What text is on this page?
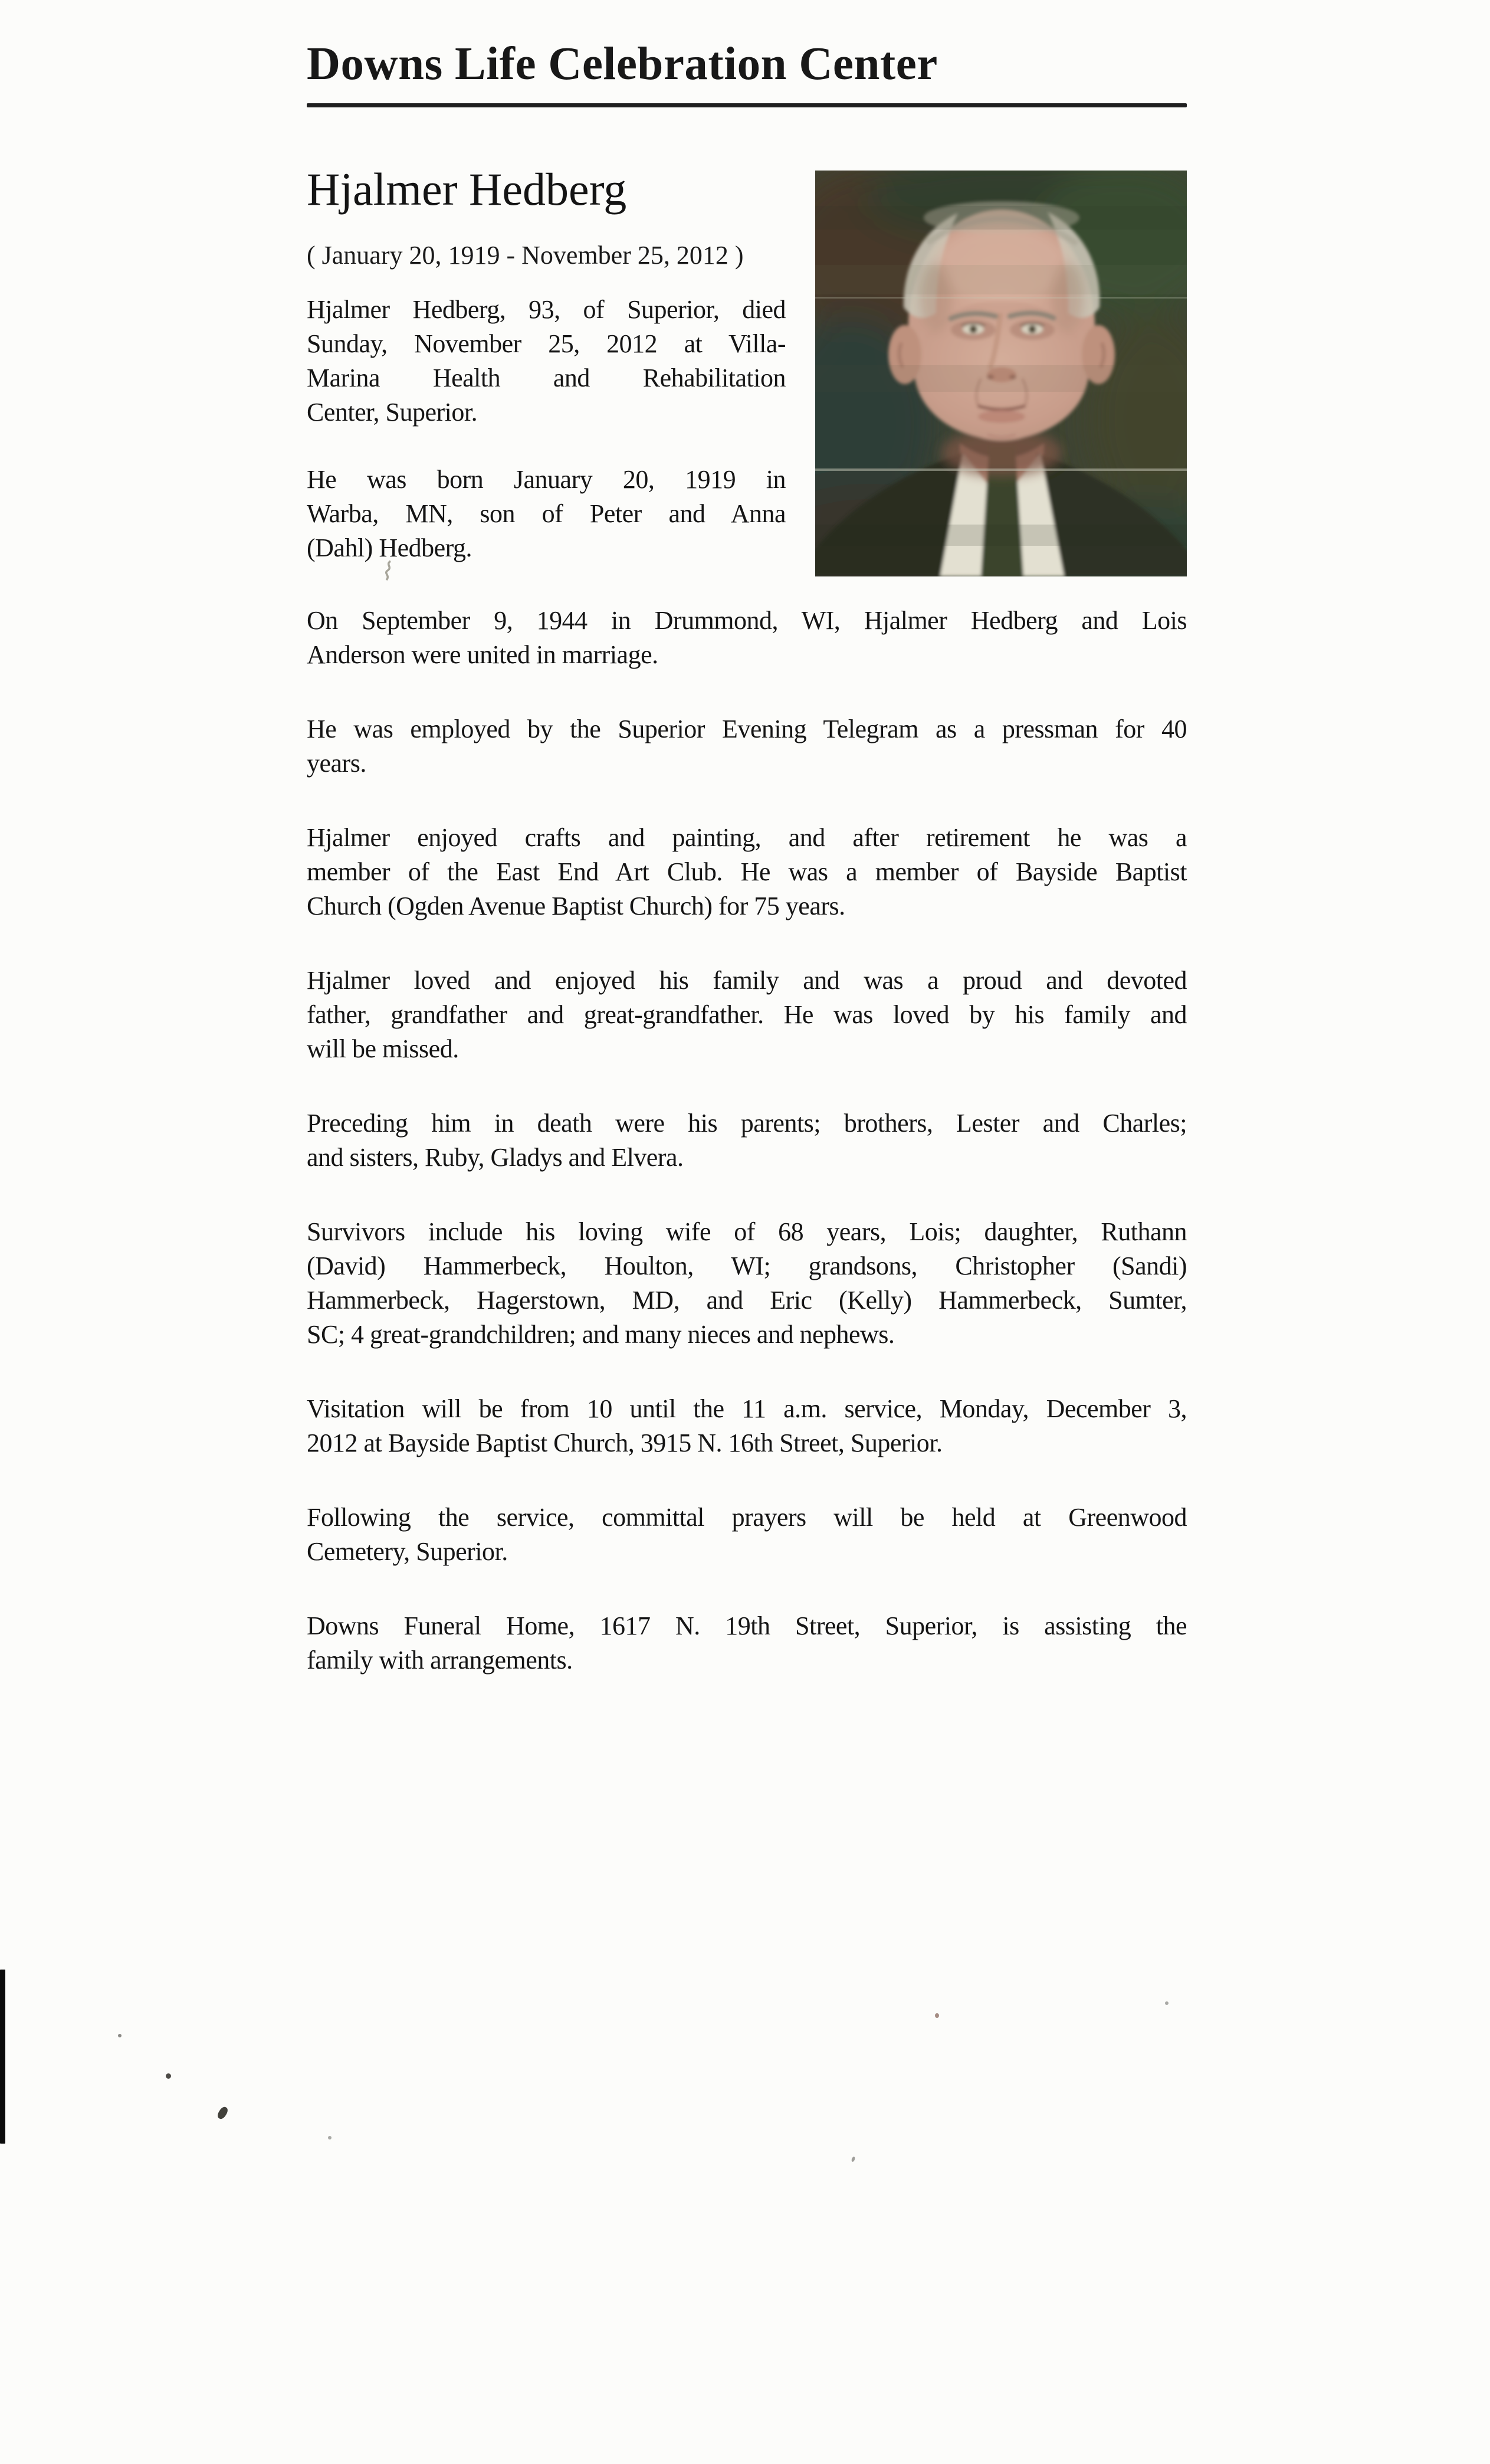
Downs Life Celebration Center
Hjalmer Hedberg
( January 20, 1919 - November 25, 2012 )
Hjalmer Hedberg, 93, of Superior, died
Sunday, November 25, 2012 at Villa-
Marina Health and Rehabilitation
Center, Superior.
He was born January 20, 1919 in
Warba, MN, son of Peter and Anna
(Dahl) Hedberg.
On September 9, 1944 in Drummond, WI, Hjalmer Hedberg and Lois
Anderson were united in marriage.
He was employed by the Superior Evening Telegram as a pressman for 40
years.
Hjalmer enjoyed crafts and painting, and after retirement he was a
member of the East End Art Club. He was a member of Bayside Baptist
Church (Ogden Avenue Baptist Church) for 75 years.
Hjalmer loved and enjoyed his family and was a proud and devoted
father, grandfather and great-grandfather. He was loved by his family and
will be missed.
Preceding him in death were his parents; brothers, Lester and Charles;
and sisters, Ruby, Gladys and Elvera.
Survivors include his loving wife of 68 years, Lois; daughter, Ruthann
(David) Hammerbeck, Houlton, WI; grandsons, Christopher (Sandi)
Hammerbeck, Hagerstown, MD, and Eric (Kelly) Hammerbeck, Sumter,
SC; 4 great-grandchildren; and many nieces and nephews.
Visitation will be from 10 until the 11 a.m. service, Monday, December 3,
2012 at Bayside Baptist Church, 3915 N. 16th Street, Superior.
Following the service, committal prayers will be held at Greenwood
Cemetery, Superior.
Downs Funeral Home, 1617 N. 19th Street, Superior, is assisting the
family with arrangements.
